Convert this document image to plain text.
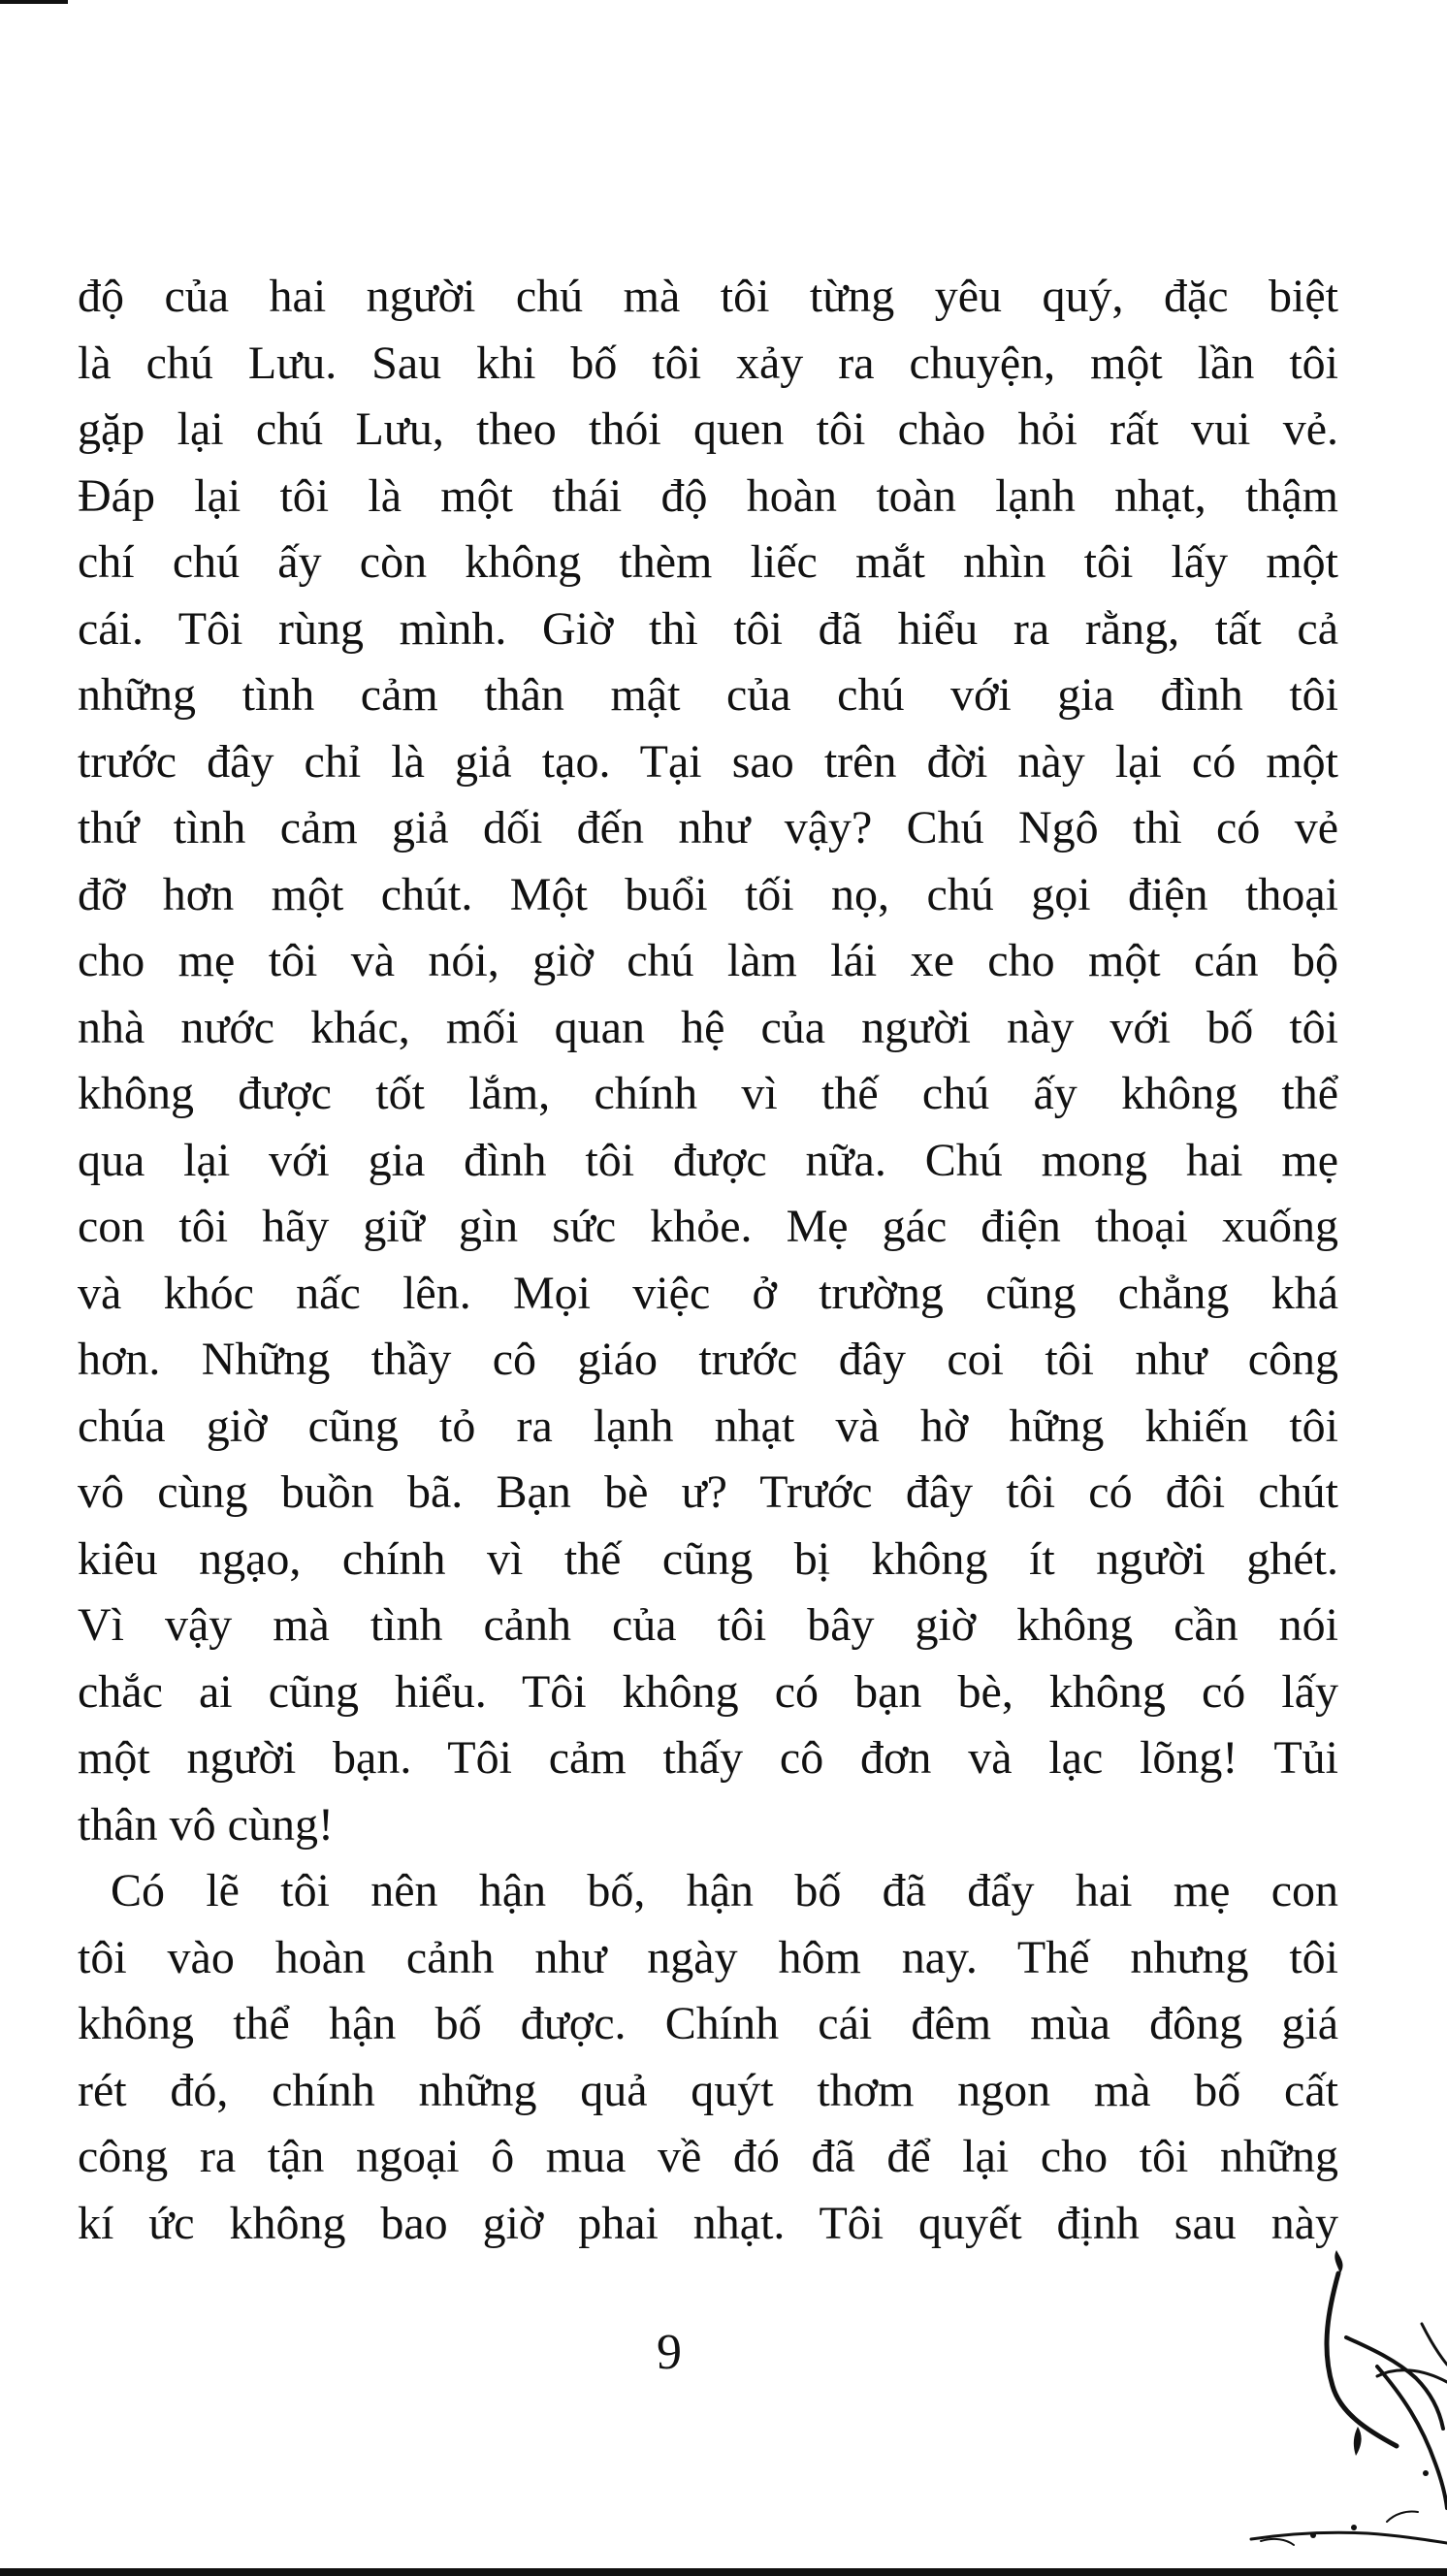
độ của hai người chú mà tôi từng yêu quý, đặc biệt
là chú Lưu. Sau khi bố tôi xảy ra chuyện, một lần tôi
gặp lại chú Lưu, theo thói quen tôi chào hỏi rất vui vẻ.
Đáp lại tôi là một thái độ hoàn toàn lạnh nhạt, thậm
chí chú ấy còn không thèm liếc mắt nhìn tôi lấy một
cái. Tôi rùng mình. Giờ thì tôi đã hiểu ra rằng, tất cả
những tình cảm thân mật của chú với gia đình tôi
trước đây chỉ là giả tạo. Tại sao trên đời này lại có một
thứ tình cảm giả dối đến như vậy? Chú Ngô thì có vẻ
đỡ hơn một chút. Một buổi tối nọ, chú gọi điện thoại
cho mẹ tôi và nói, giờ chú làm lái xe cho một cán bộ
nhà nước khác, mối quan hệ của người này với bố tôi
không được tốt lắm, chính vì thế chú ấy không thể
qua lại với gia đình tôi được nữa. Chú mong hai mẹ
con tôi hãy giữ gìn sức khỏe. Mẹ gác điện thoại xuống
và khóc nấc lên. Mọi việc ở trường cũng chẳng khá
hơn. Những thầy cô giáo trước đây coi tôi như công
chúa giờ cũng tỏ ra lạnh nhạt và hờ hững khiến tôi
vô cùng buồn bã. Bạn bè ư? Trước đây tôi có đôi chút
kiêu ngạo, chính vì thế cũng bị không ít người ghét.
Vì vậy mà tình cảnh của tôi bây giờ không cần nói
chắc ai cũng hiểu. Tôi không có bạn bè, không có lấy
một người bạn. Tôi cảm thấy cô đơn và lạc lõng! Tủi
thân vô cùng!
Có lẽ tôi nên hận bố, hận bố đã đẩy hai mẹ con
tôi vào hoàn cảnh như ngày hôm nay. Thế nhưng tôi
không thể hận bố được. Chính cái đêm mùa đông giá
rét đó, chính những quả quýt thơm ngon mà bố cất
công ra tận ngoại ô mua về đó đã để lại cho tôi những
kí ức không bao giờ phai nhạt. Tôi quyết định sau này
9
